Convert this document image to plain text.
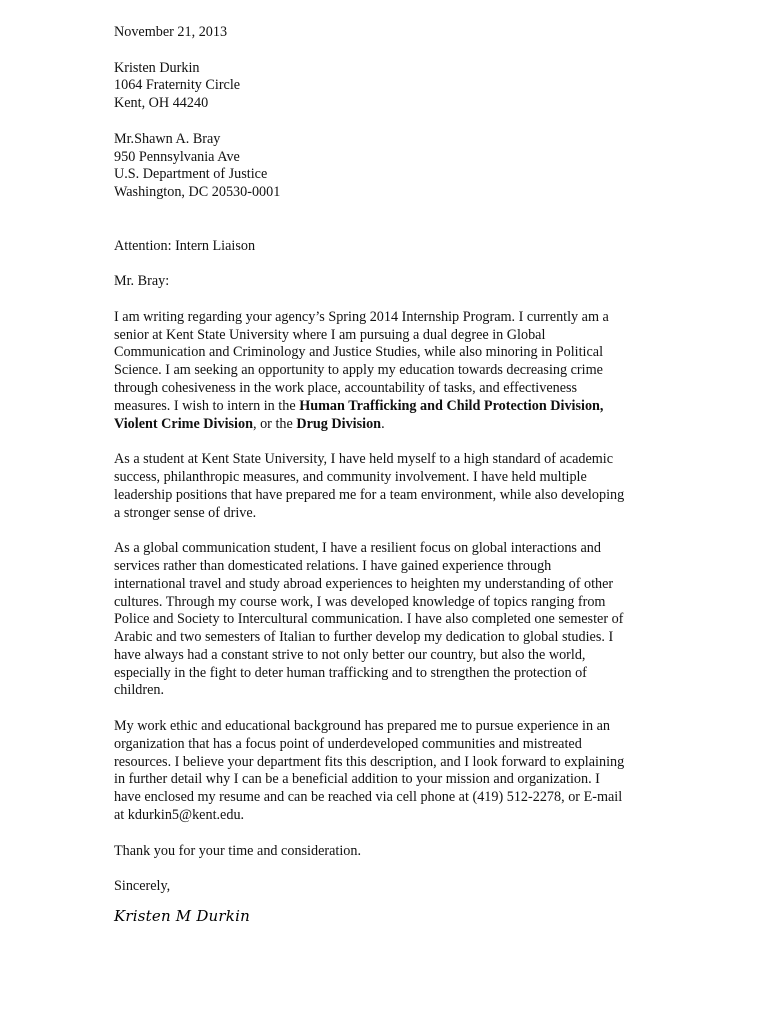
November 21, 2013
Kristen Durkin
1064 Fraternity Circle
Kent, OH 44240
Mr.Shawn A. Bray
950 Pennsylvania Ave
U.S. Department of Justice
Washington, DC 20530-0001
Attention: Intern Liaison
Mr. Bray:
I am writing regarding your agency’s Spring 2014 Internship Program. I currently am a
senior at Kent State University where I am pursuing a dual degree in Global
Communication and Criminology and Justice Studies, while also minoring in Political
Science. I am seeking an opportunity to apply my education towards decreasing crime
through cohesiveness in the work place, accountability of tasks, and effectiveness
measures. I wish to intern in the Human Trafficking and Child Protection Division,
Violent Crime Division, or the Drug Division.
As a student at Kent State University, I have held myself to a high standard of academic
success, philanthropic measures, and community involvement. I have held multiple
leadership positions that have prepared me for a team environment, while also developing
a stronger sense of drive.
As a global communication student, I have a resilient focus on global interactions and
services rather than domesticated relations. I have gained experience through
international travel and study abroad experiences to heighten my understanding of other
cultures. Through my course work, I was developed knowledge of topics ranging from
Police and Society to Intercultural communication. I have also completed one semester of
Arabic and two semesters of Italian to further develop my dedication to global studies. I
have always had a constant strive to not only better our country, but also the world,
especially in the fight to deter human trafficking and to strengthen the protection of
children.
My work ethic and educational background has prepared me to pursue experience in an
organization that has a focus point of underdeveloped communities and mistreated
resources. I believe your department fits this description, and I look forward to explaining
in further detail why I can be a beneficial addition to your mission and organization. I
have enclosed my resume and can be reached via cell phone at (419) 512-2278, or E-mail
at kdurkin5@kent.edu.
Thank you for your time and consideration.
Sincerely,
Kristen M Durkin
